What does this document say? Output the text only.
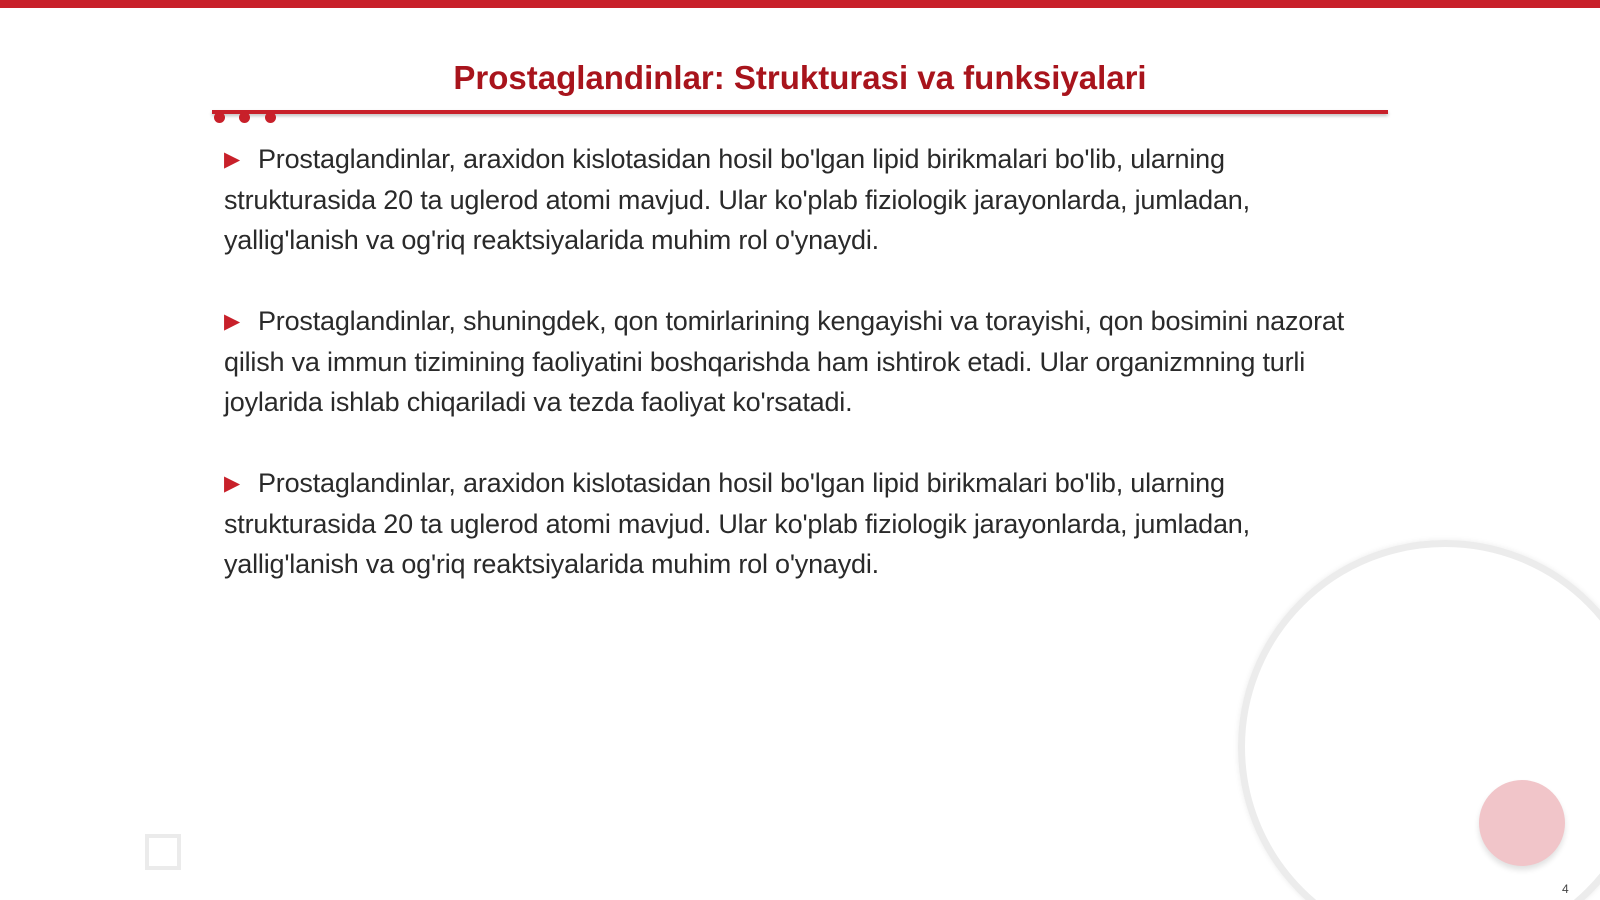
Prostaglandinlar: Strukturasi va funksiyalari

▶ Prostaglandinlar, araxidon kislotasidan hosil bo'lgan lipid birikmalari bo'lib, ularning strukturasida 20 ta uglerod atomi mavjud. Ular ko'plab fiziologik jarayonlarda, jumladan, yallig'lanish va og'riq reaktsiyalarida muhim rol o'ynaydi.

▶ Prostaglandinlar, shuningdek, qon tomirlarining kengayishi va torayishi, qon bosimini nazorat qilish va immun tizimining faoliyatini boshqarishda ham ishtirok etadi. Ular organizmning turli joylarida ishlab chiqariladi va tezda faoliyat ko'rsatadi.

▶ Prostaglandinlar, araxidon kislotasidan hosil bo'lgan lipid birikmalari bo'lib, ularning strukturasida 20 ta uglerod atomi mavjud. Ular ko'plab fiziologik jarayonlarda, jumladan, yallig'lanish va og'riq reaktsiyalarida muhim rol o'ynaydi.

4
